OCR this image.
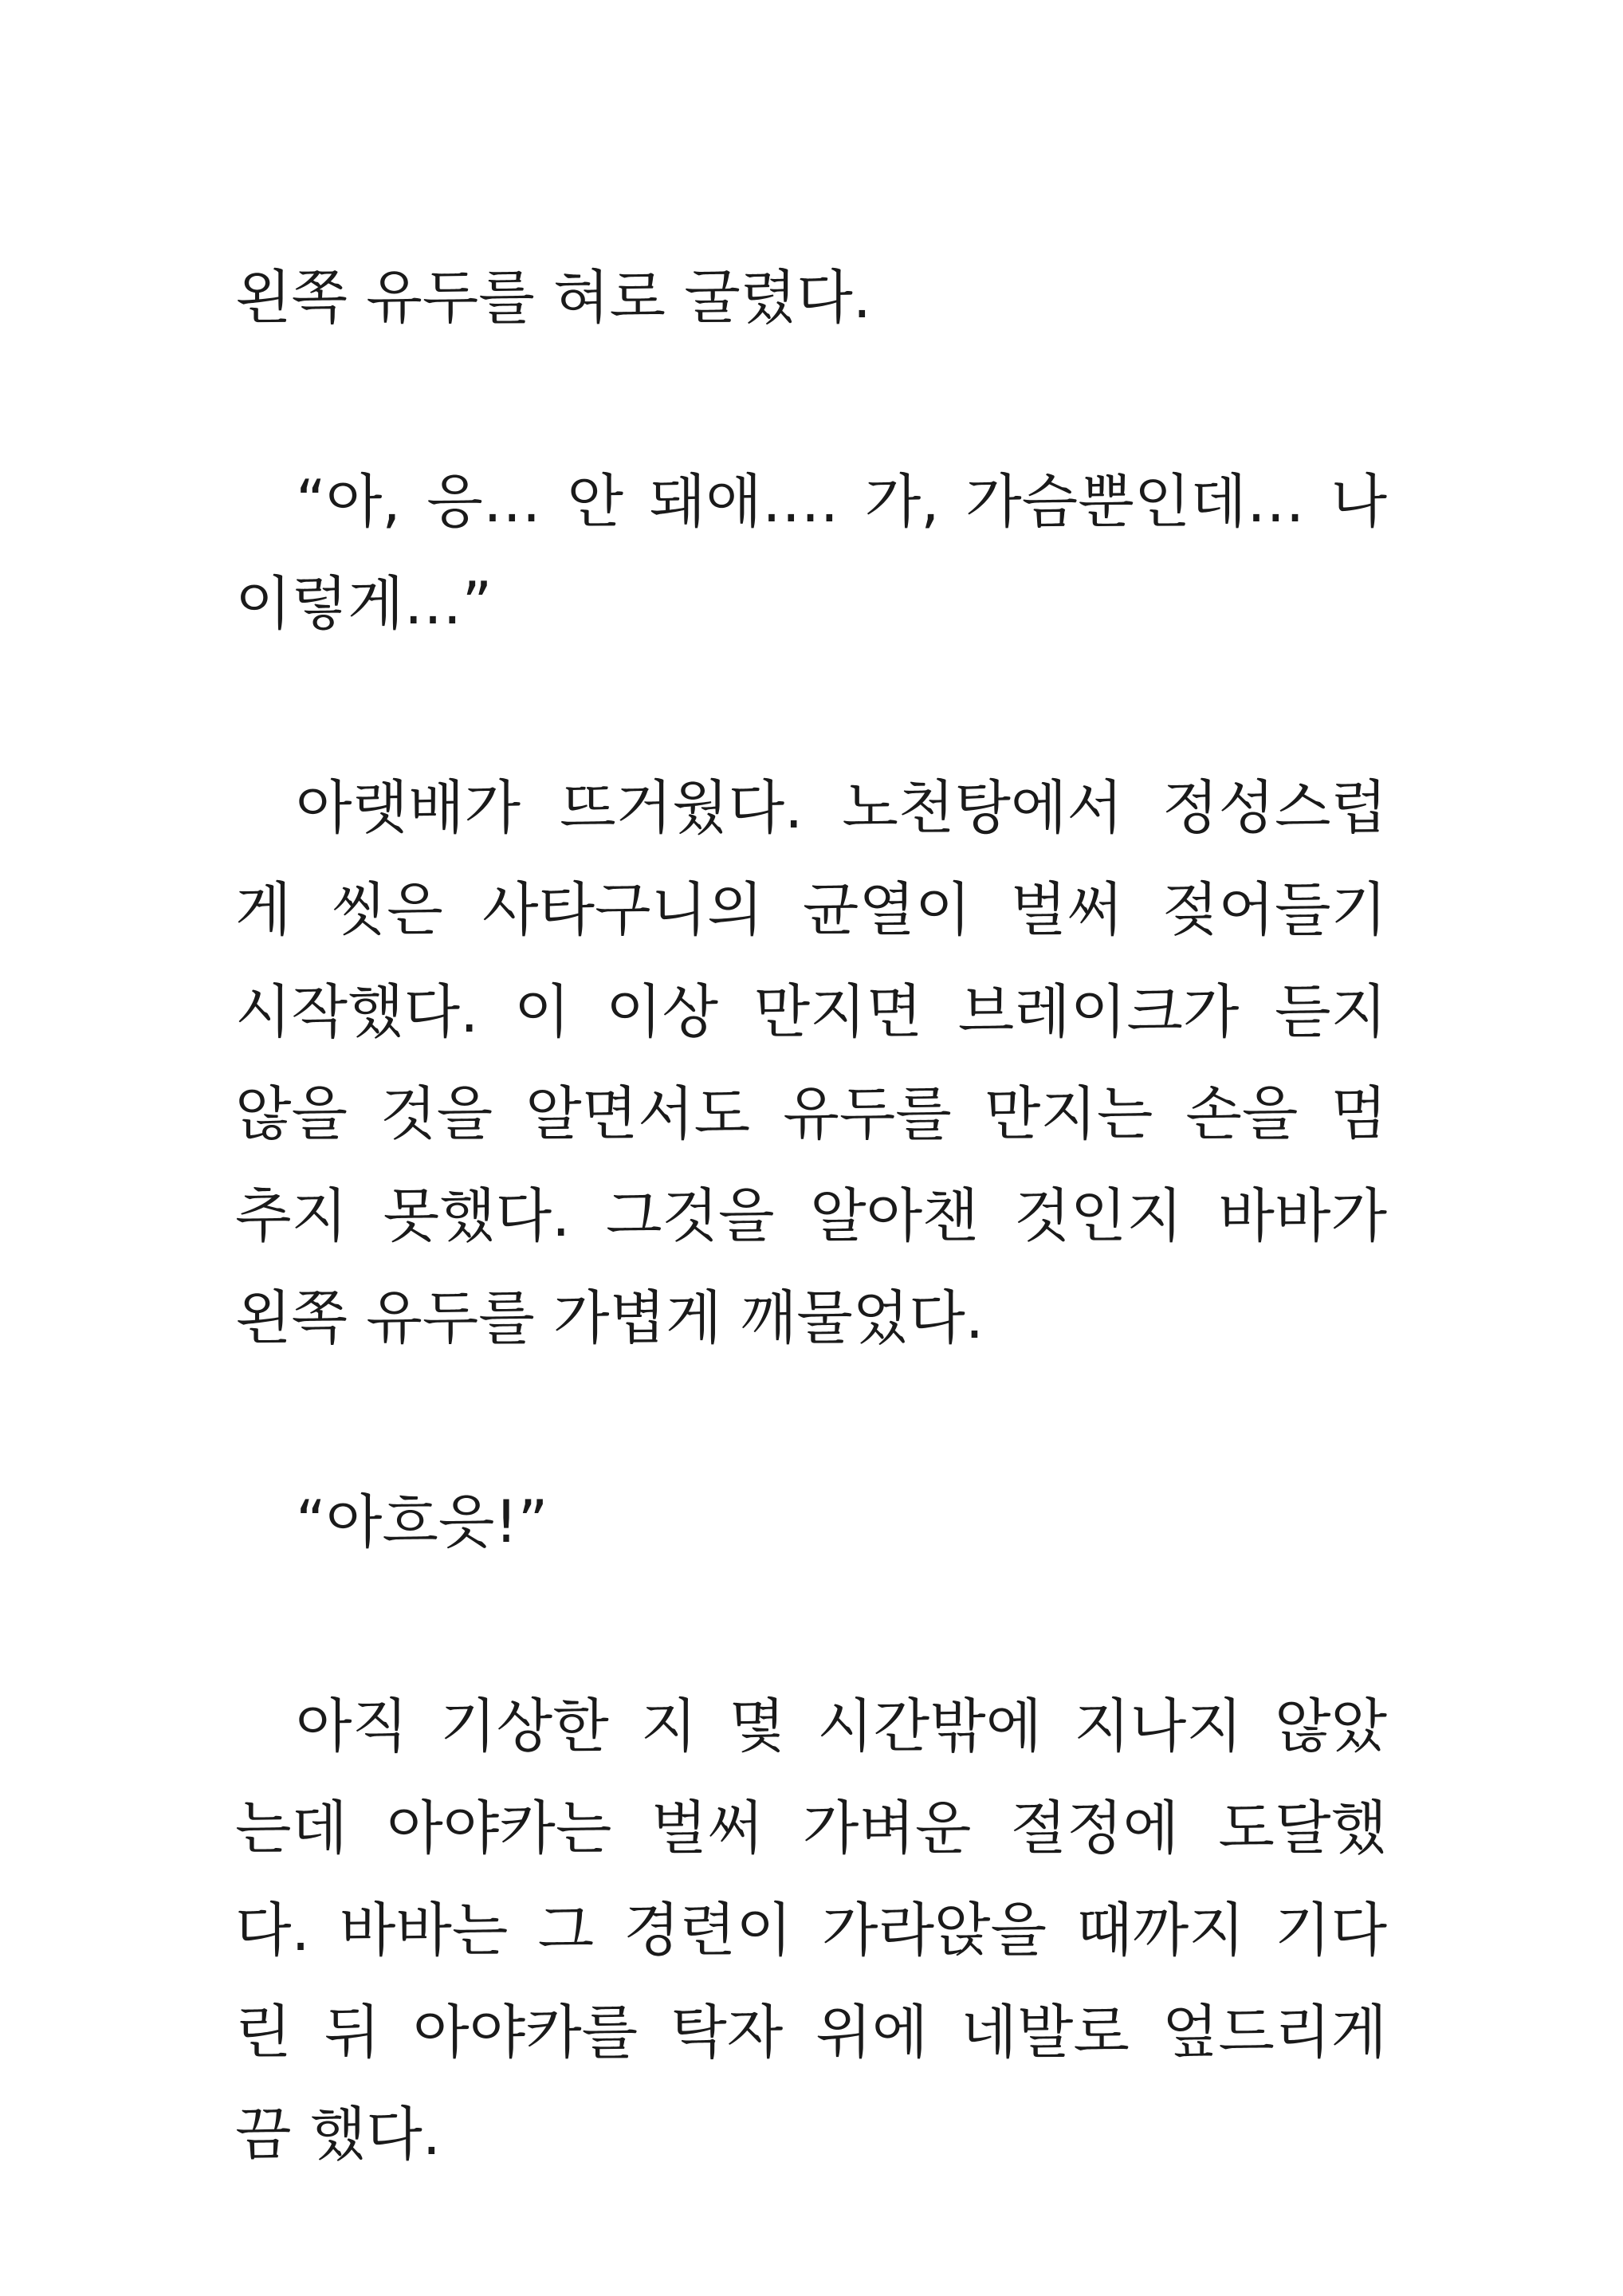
왼쪽 유두를 혀로 굴렸다.
“아, 응… 안 돼애…. 가, 가슴뿐인데… 나
이렇게…”
아랫배가 뜨거웠다. 노천탕에서 정성스럽
게 씻은 사타구니의 균열이 벌써 젖어들기
시작했다. 이 이상 만지면 브레이크가 듣지
않을 것을 알면서도 유두를 만지는 손을 멈
추지 못했다. 그것을 알아챈 것인지 바바가
왼쪽 유두를 가볍게 깨물었다.
“아흐읏!”
아직 기상한 지 몇 시간밖에 지나지 않았
는데 아야카는 벌써 가벼운 절정에 도달했
다. 바바는 그 경련이 가라앉을 때까지 기다
린 뒤 아야카를 탁자 위에 네발로 엎드리게
끔 했다.
